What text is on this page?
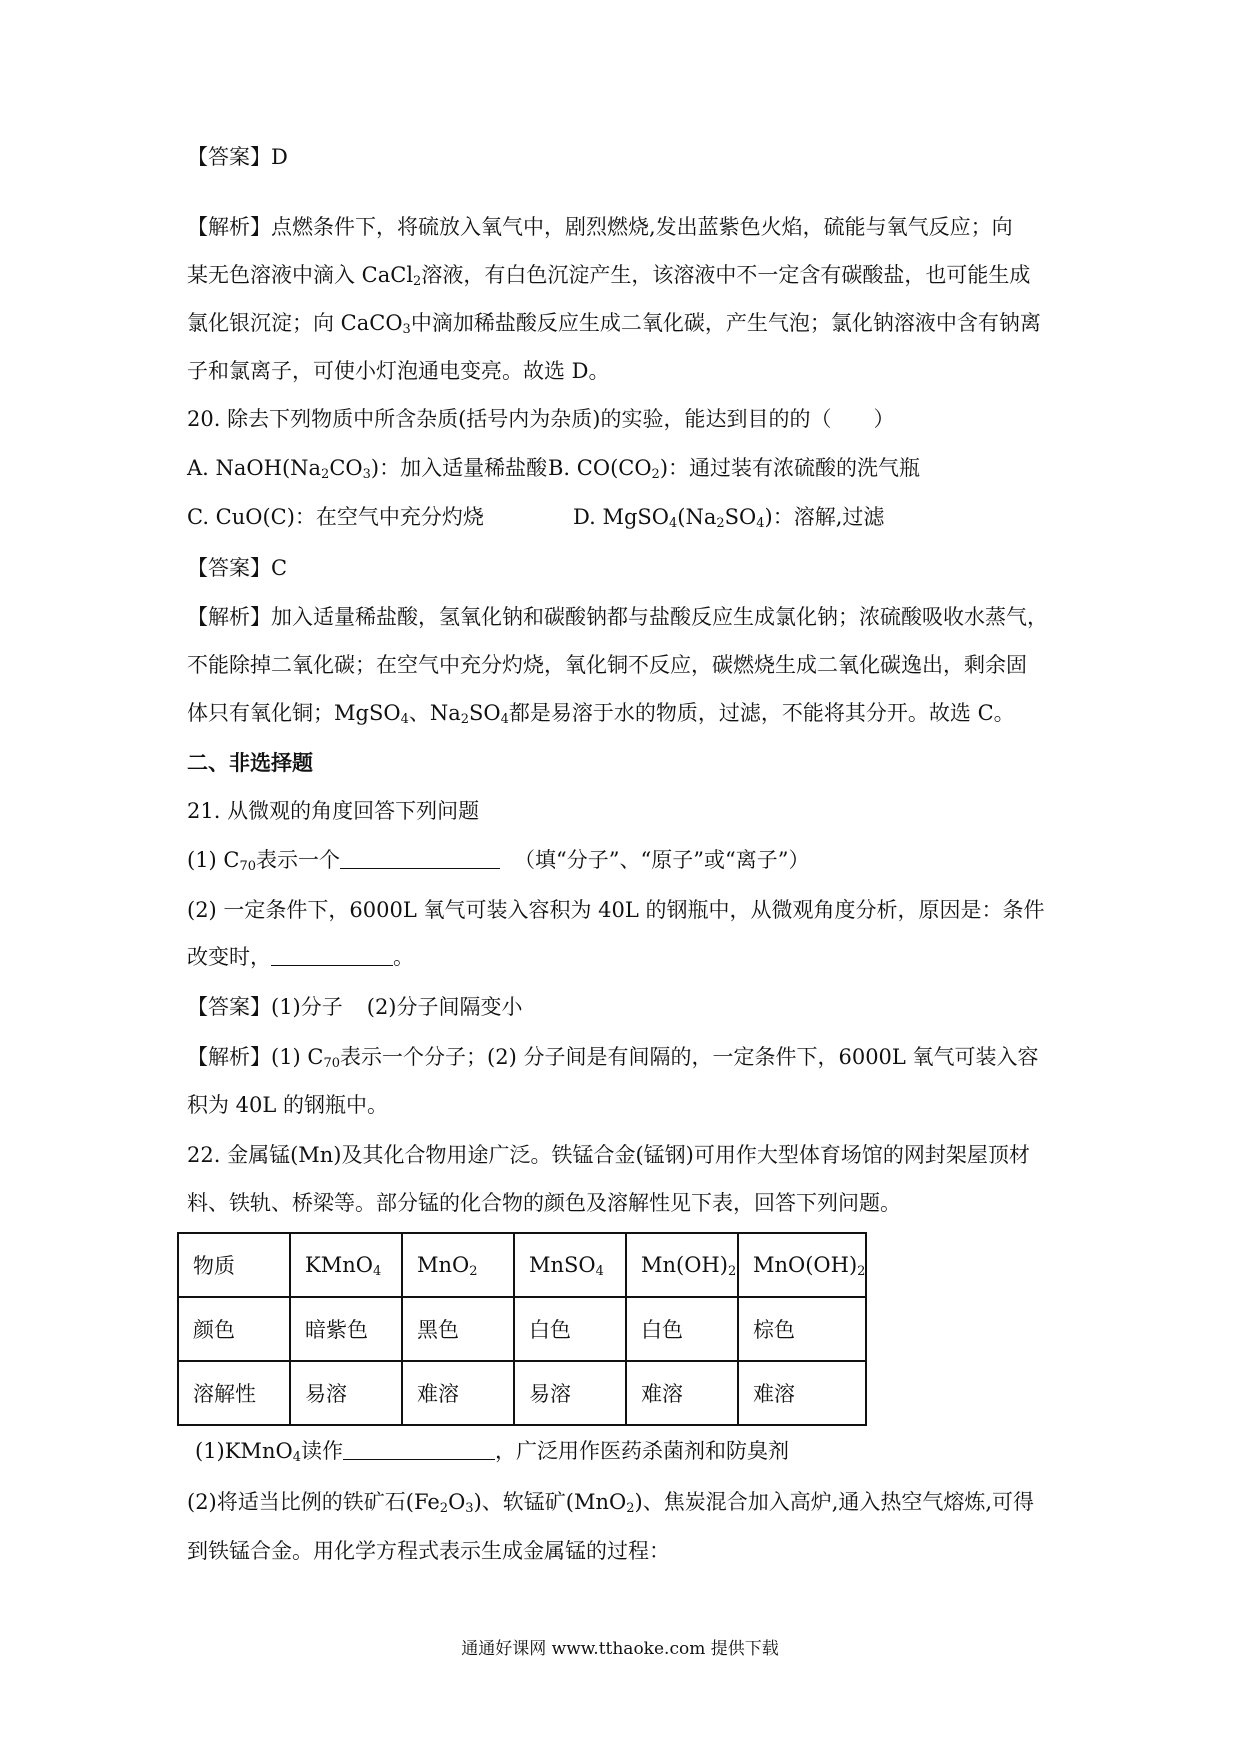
【答案】D
【解析】点燃条件下，将硫放入氧气中，剧烈燃烧,发出蓝紫色火焰，硫能与氧气反应；向
某无色溶液中滴入 CaCl$_2$溶液，有白色沉淀产生，该溶液中不一定含有碳酸盐，也可能生成
氯化银沉淀；向 CaCO$_3$中滴加稀盐酸反应生成二氧化碳，产生气泡；氯化钠溶液中含有钠离
子和氯离子，可使小灯泡通电变亮。故选 D。
20. 除去下列物质中所含杂质(括号内为杂质)的实验，能达到目的的（　　）
A. $NaOH(Na_2CO_3)$：加入适量稀盐酸 B. $CO(CO_2)$：通过装有浓硫酸的洗气瓶
C. CuO(C)：在空气中充分灼烧	D. $MgSO_4(Na_2SO_4)$：溶解,过滤
【答案】C
【解析】加入适量稀盐酸，氢氧化钠和碳酸钠都与盐酸反应生成氯化钠；浓硫酸吸收水蒸气，
不能除掉二氧化碳；在空气中充分灼烧，氧化铜不反应，碳燃烧生成二氧化碳逸出，剩余固
体只有氧化铜；MgSO$_4$、$Na_2SO_4$都是易溶于水的物质，过滤，不能将其分开。故选 C。
二、非选择题
21. 从微观的角度回答下列问题
(1) $C_{70}$表示一个	（填“分子”、“原子”或“离子”）
(2) 一定条件下，6000L 氧气可装入容积为 40L 的钢瓶中，从微观角度分析，原因是：条件
改变时，	。
【答案】(1)分子 (2)分子间隔变小
【解析】(1) $C_{70}$表示一个分子；(2) 分子间是有间隔的，一定条件下，6000L 氧气可装入容
积为 40L 的钢瓶中。
22. 金属锰(Mn)及其化合物用途广泛。铁锰合金(锰钢)可用作大型体育场馆的网封架屋顶材
料、铁轨、桥梁等。部分锰的化合物的颜色及溶解性见下表，回答下列问题。
物质	KMnO$_4$	MnO$_2$	MnSO$_4$	$Mn(OH)_2$	$MnO(OH)_2$
颜色	暗紫色	黑色	白色	白色	棕色
溶解性	易溶	难溶	易溶	难溶	难溶
(1)KMnO$_4$读作	，广泛用作医药杀菌剂和防臭剂
(2)将适当比例的铁矿石$(Fe_2O_3)$、软锰矿(MnO$_2$)、焦炭混合加入高炉,通入热空气熔炼,可得
到铁锰合金。用化学方程式表示生成金属锰的过程：
通通好课网 www.tthaoke.com 提供下载
